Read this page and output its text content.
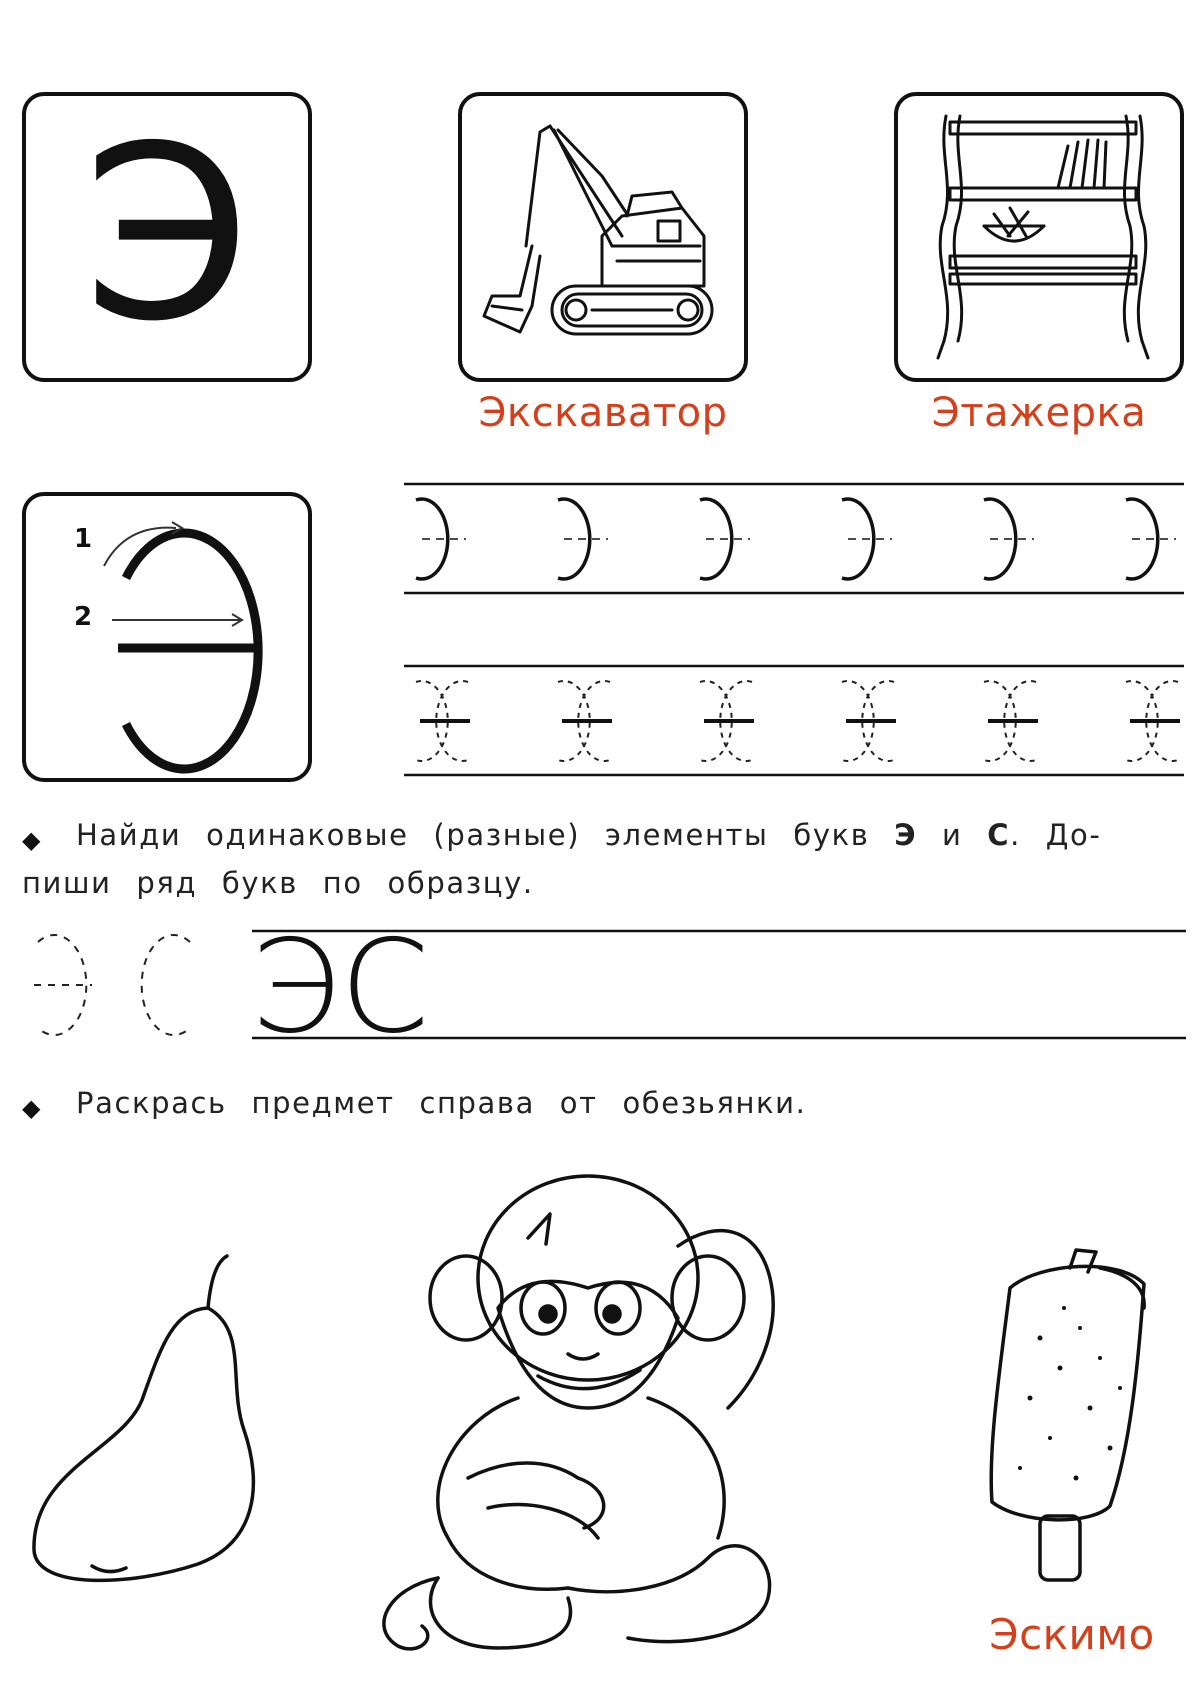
Э
Экскаватор	Этажерка
1
2
◆ Найди одинаковые (разные) элементы букв Э и С. До-
пиши ряд букв по образцу.
Э С
◆ Раскрась предмет справа от обезьянки.
Эскимо
